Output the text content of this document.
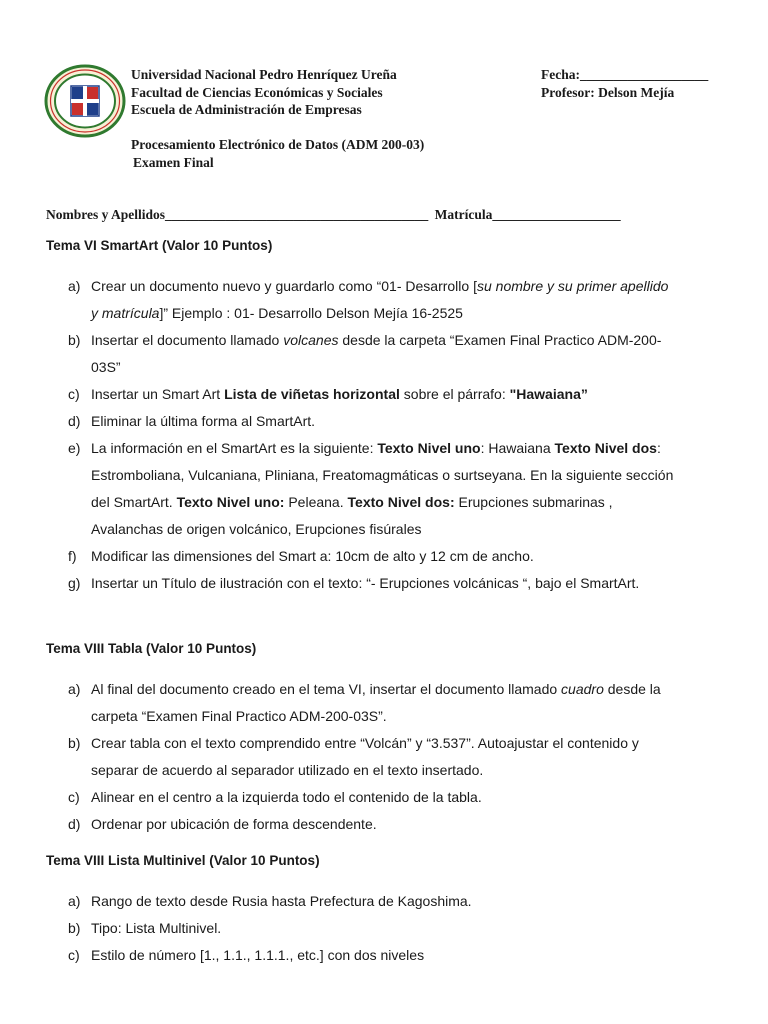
Universidad Nacional Pedro Henríquez Ureña
Facultad de Ciencias Económicas y Sociales
Escuela de Administración de Empresas
Fecha:___________________
Profesor: Delson Mejía
Procesamiento Electrónico de Datos (ADM 200-03)
Examen Final
Nombres y Apellidos_______________________________________ Matrícula___________________
Tema VI SmartArt (Valor 10 Puntos)
a) Crear un documento nuevo y guardarlo como “01- Desarrollo [su nombre y su primer apellido
y matrícula]” Ejemplo : 01- Desarrollo Delson Mejía 16-2525
b) Insertar el documento llamado volcanes desde la carpeta “Examen Final Practico ADM-200-
03S”
c) Insertar un Smart Art Lista de viñetas horizontal sobre el párrafo: "Hawaiana”
d) Eliminar la última forma al SmartArt.
e) La información en el SmartArt es la siguiente: Texto Nivel uno: Hawaiana Texto Nivel dos:
Estromboliana, Vulcaniana, Pliniana, Freatomagmáticas o surtseyana. En la siguiente sección
del SmartArt. Texto Nivel uno: Peleana. Texto Nivel dos: Erupciones submarinas ,
Avalanchas de origen volcánico, Erupciones fisúrales
f) Modificar las dimensiones del Smart a: 10cm de alto y 12 cm de ancho.
g) Insertar un Título de ilustración con el texto: “- Erupciones volcánicas “, bajo el SmartArt.
Tema VIII Tabla (Valor 10 Puntos)
a) Al final del documento creado en el tema VI, insertar el documento llamado cuadro desde la
carpeta “Examen Final Practico ADM-200-03S”.
b) Crear tabla con el texto comprendido entre “Volcán” y “3.537”. Autoajustar el contenido y
separar de acuerdo al separador utilizado en el texto insertado.
c) Alinear en el centro a la izquierda todo el contenido de la tabla.
d) Ordenar por ubicación de forma descendente.
Tema VIII Lista Multinivel (Valor 10 Puntos)
a) Rango de texto desde Rusia hasta Prefectura de Kagoshima.
b) Tipo: Lista Multinivel.
c) Estilo de número [1., 1.1., 1.1.1., etc.] con dos niveles
